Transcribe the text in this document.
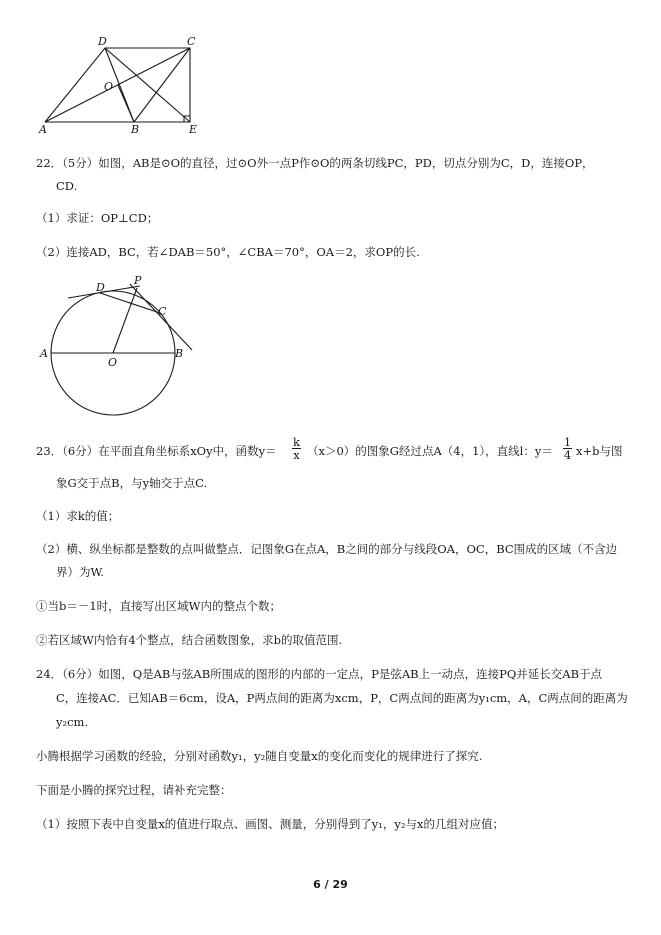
D	C
O
A	B	E
22．（5分）如图，AB是⊙O的直径，过⊙O外一点P作⊙O的两条切线PC，PD，切点分别为C，D，连接OP，
CD.
（1）求证：OP⊥CD；
（2）连接AD，BC，若∠DAB＝50°，∠CBA＝70°，OA＝2，求OP的长.
P
D
C
A
O
B
23．（6分）在平面直角坐标系xOy中，函数y＝
k
x （x＞0）的图象G经过点A（4，1），直线l：y＝
1
4 x+b与图
象G交于点B，与y轴交于点C.
（1）求k的值；
（2）横、纵坐标都是整数的点叫做整点．记图象G在点A，B之间的部分与线段OA，OC，BC围成的区域（不含边
界）为W.
①当b＝－1时，直接写出区域W内的整点个数；
②若区域W内恰有4个整点，结合函数图象，求b的取值范围.
24．（6分）如图，Q是AB与弦AB所围成的图形的内部的一定点，P是弦AB上一动点，连接PQ并延长交AB于点
C，连接AC．已知AB＝6cm，设A，P两点间的距离为xcm，P，C两点间的距离为y₁cm，A，C两点间的距离为
y₂cm.
小腾根据学习函数的经验，分别对函数y₁，y₂随自变量x的变化而变化的规律进行了探究.
下面是小腾的探究过程，请补充完整：
（1）按照下表中自变量x的值进行取点、画图、测量，分别得到了y₁，y₂与x的几组对应值；
6 / 29
